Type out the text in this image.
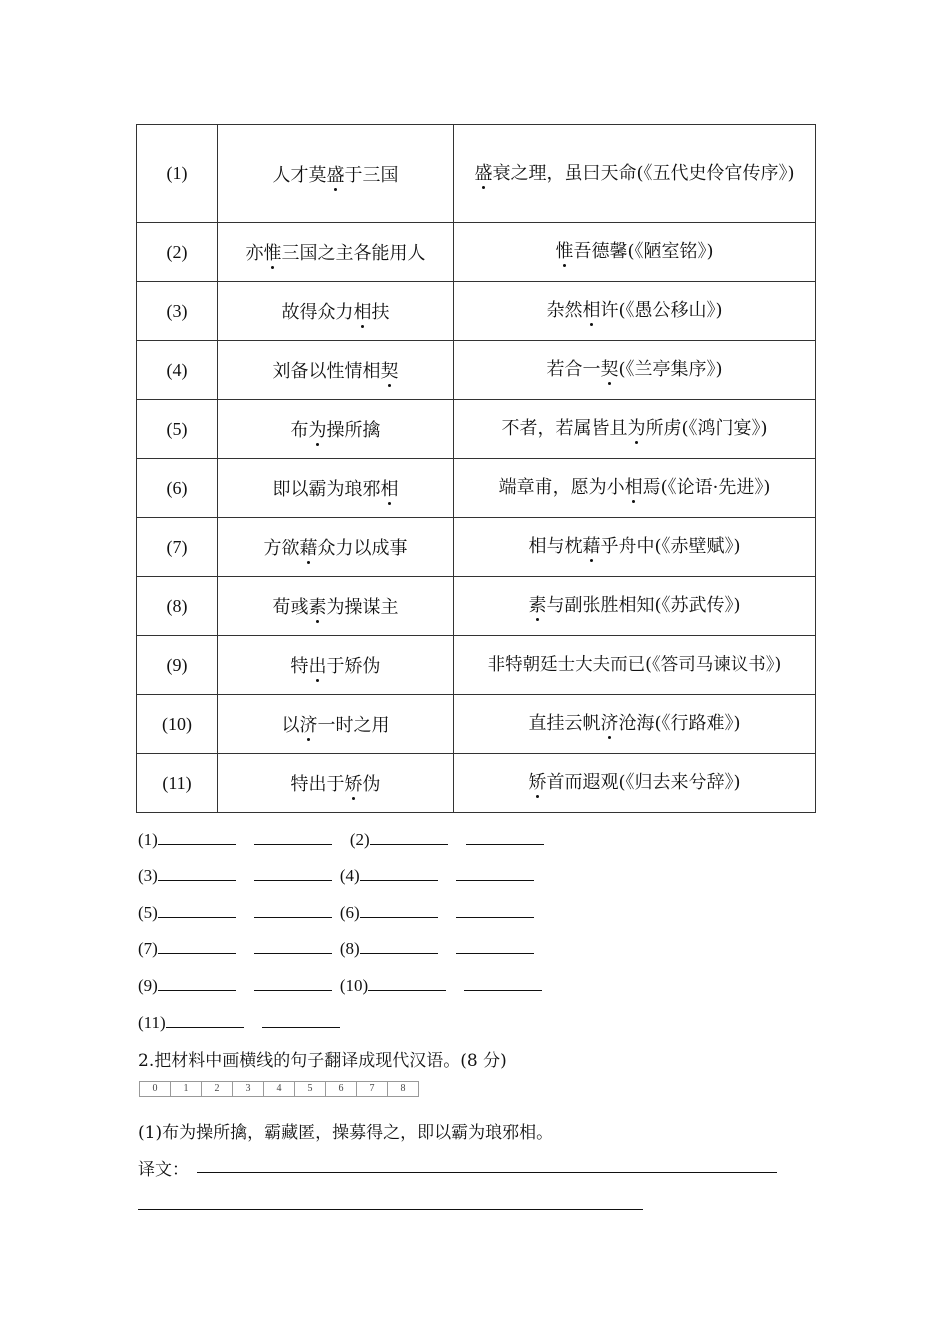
(1)	人才莫盛于三国	盛衰之理，虽曰天命(《五代史伶官传序》)
(2)	亦惟三国之主各能用人	惟吾德馨(《陋室铭》)
(3)	故得众力相扶	杂然相许(《愚公移山》)
(4)	刘备以性情相契	若合一契(《兰亭集序》)
(5)	布为操所擒	不者，若属皆且为所虏(《鸿门宴》)
(6)	即以霸为琅邪相	端章甫，愿为小相焉(《论语·先进》)
(7)	方欲藉众力以成事	相与枕藉乎舟中(《赤壁赋》)
(8)	荀彧素为操谋主	素与副张胜相知(《苏武传》)
(9)	特出于矫伪	非特朝廷士大夫而已(《答司马谏议书》)
(10)	以济一时之用	直挂云帆济沧海(《行路难》)
(11)	特出于矫伪	矫首而遐观(《归去来兮辞》)
(1)	(2)
(3)	(4)
(5)	(6)
(7)	(8)
(9)	(10)
(11)
2.把材料中画横线的句子翻译成现代汉语。(8 分)
0	1	2	3	4	5	6	7	8
(1)布为操所擒，霸藏匿，操募得之，即以霸为琅邪相。
译文：
